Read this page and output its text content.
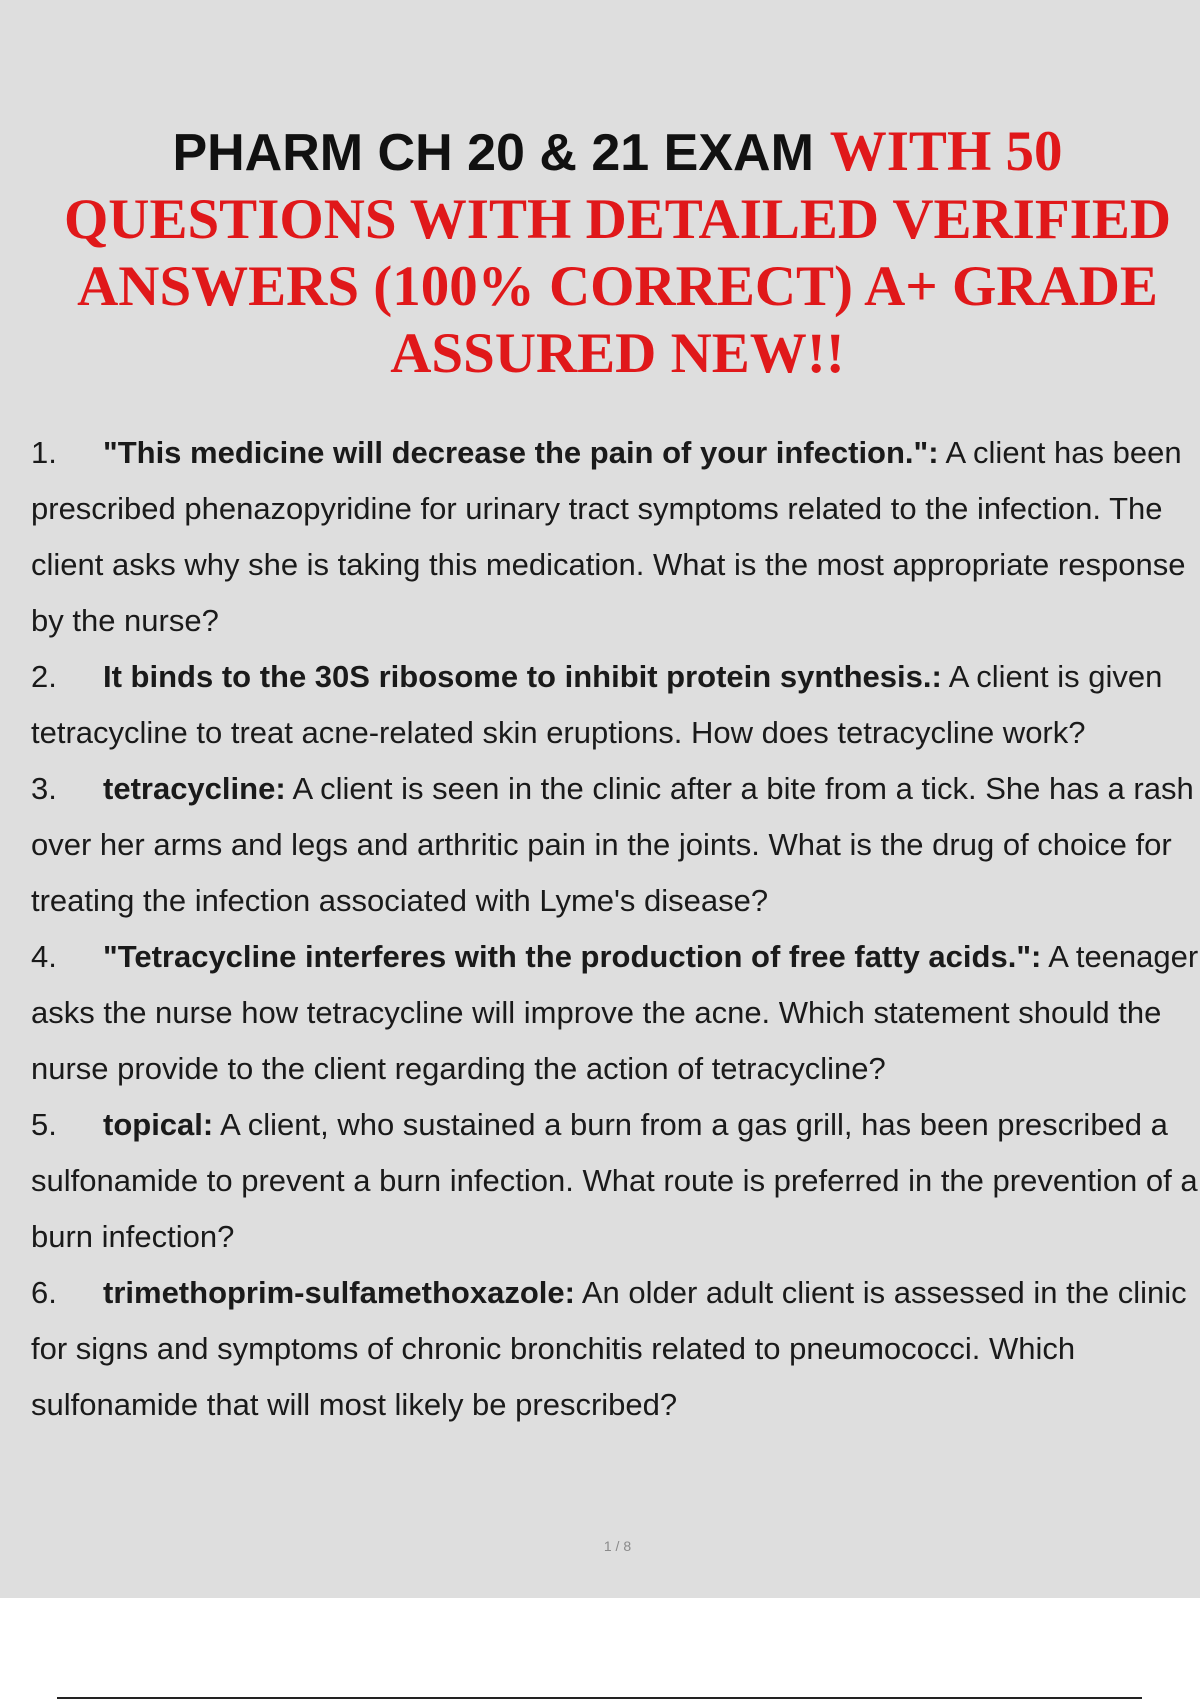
PHARM CH 20 & 21 EXAM WITH 50 QUESTIONS WITH DETAILED VERIFIED ANSWERS (100% CORRECT) A+ GRADE ASSURED NEW!!
1. "This medicine will decrease the pain of your infection.": A client has been prescribed phenazopyridine for urinary tract symptoms related to the infection. The client asks why she is taking this medication. What is the most appropriate response by the nurse?
2. It binds to the 30S ribosome to inhibit protein synthesis.: A client is given tetracycline to treat acne-related skin eruptions. How does tetracycline work?
3. tetracycline: A client is seen in the clinic after a bite from a tick. She has a rash over her arms and legs and arthritic pain in the joints. What is the drug of choice for treating the infection associated with Lyme's disease?
4. "Tetracycline interferes with the production of free fatty acids.": A teenager asks the nurse how tetracycline will improve the acne. Which statement should the nurse provide to the client regarding the action of tetracycline?
5. topical: A client, who sustained a burn from a gas grill, has been prescribed a sulfonamide to prevent a burn infection. What route is preferred in the prevention of a burn infection?
6. trimethoprim-sulfamethoxazole: An older adult client is assessed in the clinic for signs and symptoms of chronic bronchitis related to pneumococci. Which sulfonamide that will most likely be prescribed?
1 / 8
